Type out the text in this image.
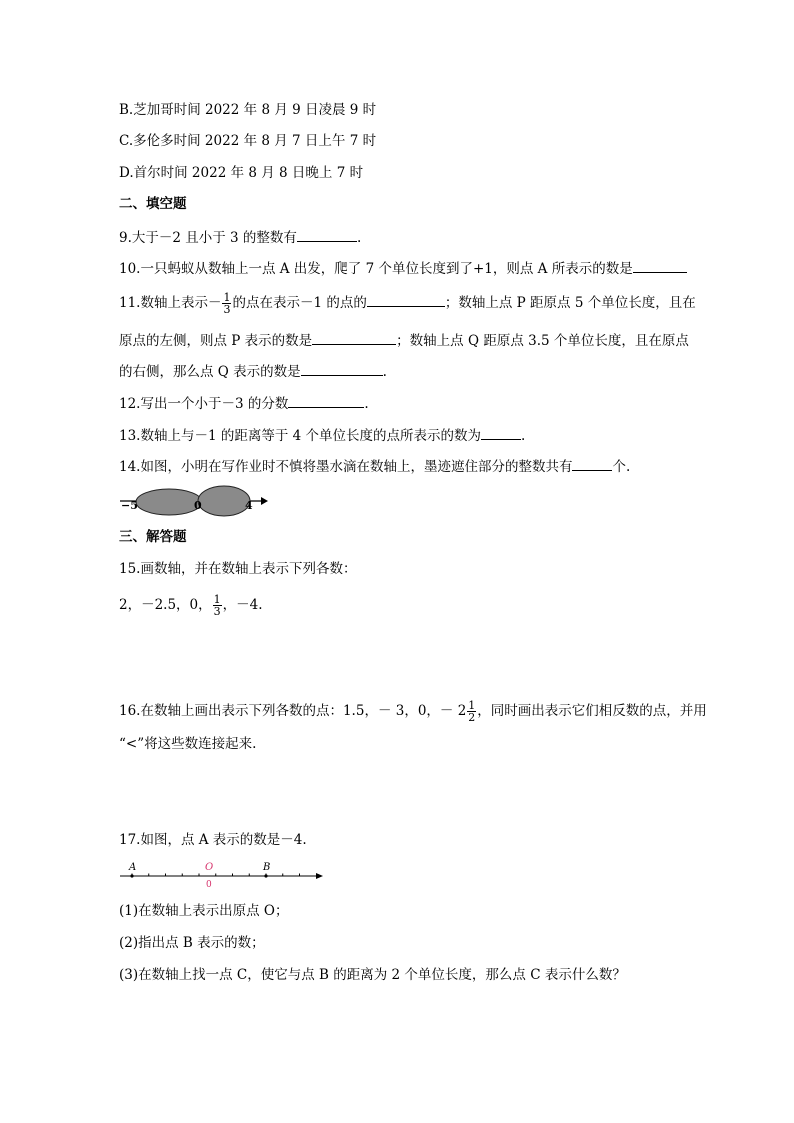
B.芝加哥时间 2022 年 8 月 9 日凌晨 9 时
C.多伦多时间 2022 年 8 月 7 日上午 7 时
D.首尔时间 2022 年 8 月 8 日晚上 7 时
二、填空题
9.大于－2 且小于 3 的整数有	.
10.一只蚂蚁从数轴上一点 A 出发，爬了 7 个单位长度到了+1，则点 A 所表示的数是
11.数轴上表示－ $\frac{1}{3}$ 的点在表示－1 的点的	；数轴上点 P 距原点 5 个单位长度，且在
原点的左侧，则点 P 表示的数是	；数轴上点 Q 距原点 3.5 个单位长度，且在原点
的右侧，那么点 Q 表示的数是	.
12.写出一个小于－3 的分数	.
13.数轴上与－1 的距离等于 4 个单位长度的点所表示的数为	.
14.如图，小明在写作业时不慎将墨水滴在数轴上，墨迹遮住部分的整数共有	个.
−5	0	4
三、解答题
15.画数轴，并在数轴上表示下列各数：
2，－2.5，0， $\frac{1}{3}$ ，－4.
16.在数轴上画出表示下列各数的点：1.5，－ 3，0，－ $2 \frac{1}{2}$ ，同时画出表示它们相反数的点，并用
“<”将这些数连接起来.
17.如图，点 A 表示的数是－4.
A	O
0
B
(1)在数轴上表示出原点 O；
(2)指出点 B 表示的数；
(3)在数轴上找一点 C，使它与点 B 的距离为 2 个单位长度，那么点 C 表示什么数？
